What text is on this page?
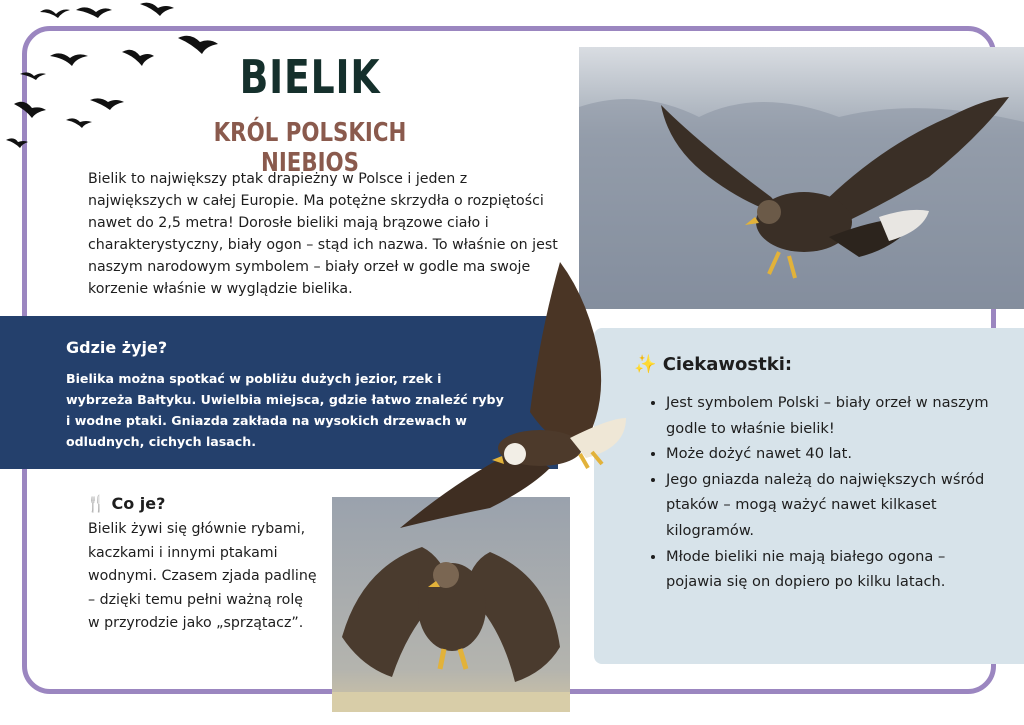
BIELIK
KRÓL POLSKICH NIEBIOS

Bielik to największy ptak drapieżny w Polsce i jeden z największych w całej Europie. Ma potężne skrzydła o rozpiętości nawet do 2,5 metra! Dorosłe bieliki mają brązowe ciało i charakterystyczny, biały ogon – stąd ich nazwa. To właśnie on jest naszym narodowym symbolem – biały orzeł w godle ma swoje korzenie właśnie w wyglądzie bielika.

Gdzie żyje?

Bielika można spotkać w pobliżu dużych jezior, rzek i wybrzeża Bałtyku. Uwielbia miejsca, gdzie łatwo znaleźć ryby i wodne ptaki. Gniazda zakłada na wysokich drzewach w odludnych, cichych lasach.

✨ Ciekawostki:
• Jest symbolem Polski – biały orzeł w naszym godle to właśnie bielik!
• Może dożyć nawet 40 lat.
• Jego gniazda należą do największych wśród ptaków – mogą ważyć nawet kilkaset kilogramów.
• Młode bieliki nie mają białego ogona – pojawia się on dopiero po kilku latach.
🍴 Co je?

Bielik żywi się głównie rybami, kaczkami i innymi ptakami wodnymi. Czasem zjada padlinę – dzięki temu pełni ważną rolę w przyrodzie jako „sprzątacz”.
